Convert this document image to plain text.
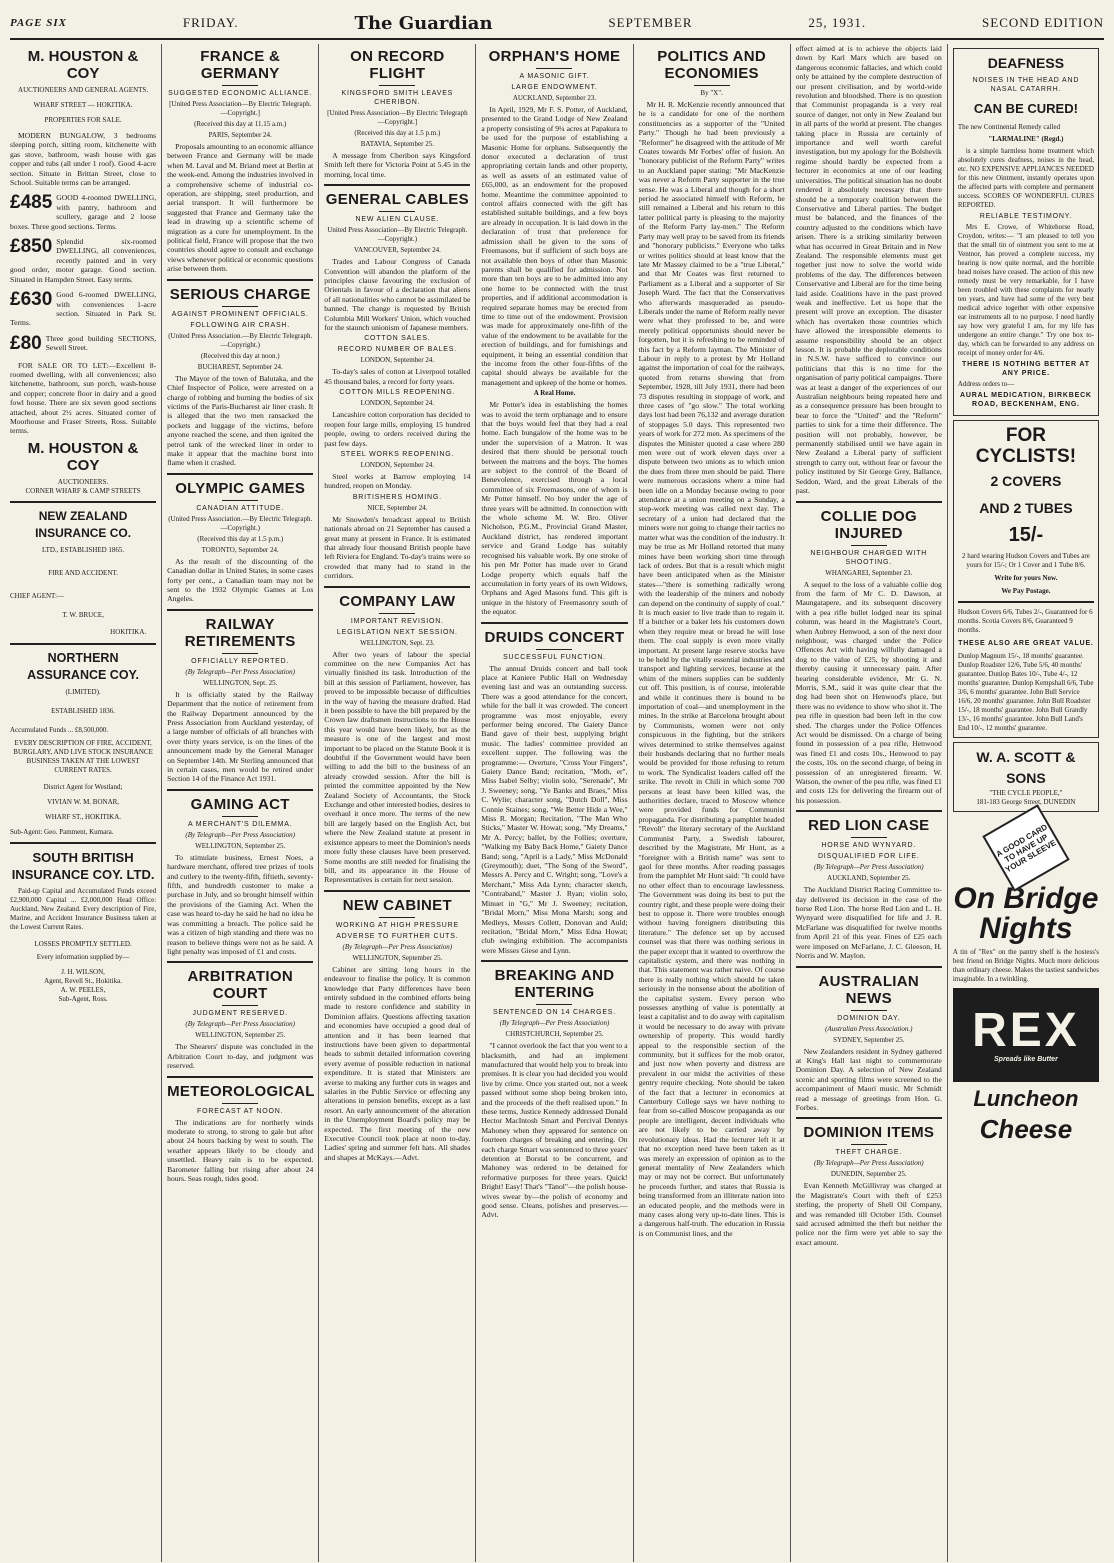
PAGE SIX	FRIDAY.	The Guardian	SEPTEMBER	25, 1931.	SECOND EDITION
M. HOUSTON & COY
AUCTIONEERS AND GENERAL AGENTS.
WHARF STREET — HOKITIKA.
PROPERTIES FOR SALE.

MODERN BUNGALOW, 3 bedrooms sleeping porch, sitting room, kitchenette with gas stove, bathroom, wash house with gas copper and tubs (all under 1 roof). Good 4-acre section. Situate in Brittan Street, close to School. Suitable terms can be arranged.

£485 GOOD 4-roomed DWELLING, with pantry, bathroom and scullery, garage and 2 loose boxes. Three good sections. Terms.
£850 Splendid six-roomed DWELLING, all conveniences, recently painted and in very good order, motor garage. Good section. Situated in Hampden Street. Easy terms.
£630 Good 6-roomed DWELLING, with conveniences 1-acre section. Situated in Park St. Terms.
£80 Three good building SECTIONS, Sewell Street.

FOR SALE OR TO LET:—Excellent 8-roomed dwelling, with all conveniences; also kitchenette, bathroom, sun porch, wash-house and copper; concrete floor in dairy and a good fowl house. There are six seven good sections attached, about 2½ acres. Situated corner of Moorhouse and Fraser Streets, Ross. Suitable terms.

M. HOUSTON & COY
AUCTIONEERS.
CORNER WHARF & CAMP STREETS
NEW ZEALAND INSURANCE CO.
LTD., ESTABLISHED 1865.
FIRE AND ACCIDENT.
CHIEF AGENT:—
T. W. BRUCE,
HOKITIKA.
NORTHERN ASSURANCE COY.
(LIMITED).
ESTABLISHED 1836.
Accumulated Funds ... £8,500,000.
EVERY DESCRIPTION OF FIRE, ACCIDENT, BURGLARY, AND LIVE STOCK INSURANCE BUSINESS TAKEN AT THE LOWEST CURRENT RATES.
District Agent for Westland;
VIVIAN W. M. BONAR,
WHARF ST., HOKITIKA.
Sub-Agent: Geo. Pamment, Kumara.
SOUTH BRITISH INSURANCE COY. LTD.

Paid-up Capital and Accumulated Funds exceed £2,900,000 Capital ... £2,000,000 Head Office: Auckland, New Zealand. Every description of Fire, Marine, and Accident Insurance Business taken at the Lowest Current Rates.

LOSSES PROMPTLY SETTLED.
Every information supplied by—
J. H. WILSON,
Agent, Revell St., Hokitika.
A. W. PEELES,
Sub-Agent, Ross.
FRANCE & GERMANY
SUGGESTED ECONOMIC ALLIANCE.
[United Press Association—By Electric Telegraph.—Copyright.]
(Received this day at 11.15 a.m.)
PARIS, September 24.

Proposals amounting to an economic alliance between France and Germany will be made when M. Laval and M. Briand meet at Berlin at the week-end. Among the industries involved in a comprehensive scheme of industrial co-operation, are shipping, steel production, and aerial transport. It will furthermore be suggested that France and Germany take the lead in drawing up a scientific scheme of migration as a cure for unemployment. In the political field, France will propose that the two countries should agree to consult and exchange views whenever political or economic questions arise between them.

SERIOUS CHARGE
AGAINST PROMINENT OFFICIALS.
FOLLOWING AIR CRASH.
(United Press Association.—By Electric Telegraph.—Copyright.)
(Received this day at noon.)
BUCHAREST, September 24.

The Mayor of the town of Balutaka, and the Chief Inspector of Police, were arrested on a charge of robbing and burning the bodies of six victims of the Paris-Bucharest air liner crash. It is alleged that the two men ransacked the pockets and luggage of the victims, before anyone reached the scene, and then ignited the petrol tank of the wrecked liner in order to make it appear that the machine burst into flame when it crashed.

OLYMPIC GAMES
CANADIAN ATTITUDE.
(United Press Association.—By Electric Telegraph.—Copyright.)
(Received this day at 1.5 p.m.)
TORONTO, September 24.

As the result of the discounting of the Canadian dollar in United States, in some cases forty per cent., a Canadian team may not be sent to the 1932 Olympic Games at Los Angeles.

RAILWAY RETIREMENTS
OFFICIALLY REPORTED.
(By Telegraph—Per Press Association)
WELLINGTON, Sept. 25.

It is officially stated by the Railway Department that the notice of retirement from the Railway Department announced by the Press Association from Auckland yesterday, of a large number of officials of all branches with over thirty years service, is on the lines of the announcement made by the General Manager on September 14th. Mr Sterling announced that in certain cases, men would be retired under Section 14 of the Finance Act 1931.

GAMING ACT
A MERCHANT'S DILEMMA.
(By Telegraph—Per Press Association)
WELLINGTON, September 25.

To stimulate business, Ernest Noes, a hardware merchant, offered tree prizes of tools and cutlery to the twenty-fifth, fiftieth, seventy-fifth, and hundredth customer to make a purchase in July, and so brought himself within the provisions of the Gaming Act. When the case was heard to-day he said he had no idea he was committing a breach. The police said he was a citizen of high standing and there was no reason to believe things were not as he said. A light penalty was imposed of £1 and costs.

ARBITRATION COURT
JUDGMENT RESERVED.
(By Telegraph—Per Press Association)
WELLINGTON, September 25.

The Shearers' dispute was concluded in the Arbitration Court to-day, and judgment was reserved.

METEOROLOGICAL
FORECAST AT NOON.

The indications are for northerly winds moderate to strong, to strong to gale but after about 24 hours backing by west to south. The weather appears likely to be cloudy and unsettled. Heavy rain is to be expected. Barometer falling but rising after about 24 hours. Seas rough, tides good.

ON RECORD FLIGHT
KINGSFORD SMITH LEAVES CHERIBON.
[United Press Association—By Electric Telegraph—Copyright.]
(Received this day at 1.5 p.m.)
BATAVIA, September 25.

A message from Cheribon says Kingsford Smith left there for Victoria Point at 5.45 in the morning, local time.

GENERAL CABLES
NEW ALIEN CLAUSE.
United Press Association—By Electric Telegraph.—Copyright.)
VANCOUVER, September 24.

Trades and Labour Congress of Canada Convention will abandon the platform of the principles clause favouring the exclusion of Orientals in favour of a declaration that aliens of all nationalities who cannot be assimilated be banned. The change is requested by British Columbia Mill Workers' Union, which vouched for the staunch unionism of Japanese members.

COTTON SALES.
RECORD NUMBER OF BALES.
LONDON, September 24.

To-day's sales of cotton at Liverpool totalled 45 thousand bales, a record for forty years.

COTTON MILLS REOPENING.
LONDON, September 24.

Lancashire cotton corporation has decided to reopen four large mills, employing 15 hundred people, owing to orders received during the past few days.

STEEL WORKS REOPENING.
LONDON, September 24.

Steel works at Barrow employing 14 hundred, reopen on Monday.

BRITISHERS HOMING.
NICE, September 24.

Mr Snowden's broadcast appeal to British nationals abroad on 21 September has caused a great many at present in France. It is estimated that already four thousand British people have left Riviera for England. To-day's trains were so crowded that many had to stand in the corridors.

COMPANY LAW
IMPORTANT REVISION.
LEGISLATION NEXT SESSION.
WELLINGTON, Sept. 23.

After two years of labour the special committee on the new Companies Act has virtually finished its task. Introduction of the bill at this session of Parliament, however, has proved to be impossible because of difficulties in the way of having the measure drafted. Had it been possible to have the bill prepared by the Crown law draftsmen instructions to the House this year would have been likely, but as the measure is one of the largest and most important to be placed on the Statute Book it is doubtful if the Government would have been willing to add the bill to the business of an already crowded session. After the bill is printed the committee appointed by the New Zealand Society of Accountants, the Stock Exchange and other interested bodies, desires to overhaul it once more. The terms of the new bill are largely based on the English Act, but where the New Zealand statute at present in existence appears to meet the Dominion's needs more fully these clauses have been preserved. Some months are still needed for finalising the bill, and its appearance in the House of Representatives is certain for next session.

NEW CABINET
WORKING AT HIGH PRESSURE
ADVERSE TO FURTHER CUTS.
(By Telegraph—Per Press Association)
WELLINGTON, September 25.

Cabinet are sitting long hours in the endeavour to finalise the policy. It is common knowledge that Party differences have been entirely subdued in the combined efforts being made to restore confidence and stability in Dominion affairs. Questions affecting taxation and economies have occupied a good deal of attention and it has been learned that instructions have been given to departmental heads to submit detailed information covering every avenue of possible reduction in national expenditure. It is stated that Ministers are averse to making any further cuts in wages and salaries in the Public Service or effecting any alterations in pension benefits, except as a last resort. An early announcement of the alteration in the Unemployment Board's policy may be expected. The first meeting of the new Executive Council took place at noon to-day. Ladies' spring and summer felt hats. All shades and shapes at McKays.—Advt.

ORPHAN'S HOME
A MASONIC GIFT.
LARGE ENDOWMENT.
AUCKLAND, September 23.

In April, 1929, Mr F. S. Potter, of Auckland, presented to the Grand Lodge of New Zealand a property consisting of 9¼ acres at Papakura to be used for the purpose of establishing a Masonic Home for orphans. Subsequently the donor executed a declaration of trust appropriating certain lands and other property, as well as assets of an estimated value of £65,000, as an endowment for the proposed home. Meantime the committee appointed to control affairs connected with the gift has established suitable buildings, and a few boys are already in occupation. It is laid down in the declaration of trust that preference for admission shall be given to the sons of Freemasons, but if sufficient of such boys are not available then boys of other than Masonic parents shall be qualified for admission. Not more than ten boys are to be admitted into any one home to be connected with the trust properties, and if additional accommodation is required separate homes may be erected from time to time out of the endowment. Provision was made for approximately one-fifth of the value of the endowment to be available for the erection of buildings, and for furnishings and equipment, it being an essential condition that the income from the other four-fifths of the capital should always be available for the management and upkeep of the home or homes.

A Real Home.

Mr Potter's idea in establishing the homes was to avoid the term orphanage and to ensure that the boys would feel that they had a real home. Each bungalow of the home was to be under the supervision of a Matron. It was desired that there should be personal touch between the matrons and the boys. The homes are subject to the control of the Board of Benevolence, exercised through a local committee of six Freemasons, one of whom is Mr Potter himself. No boy under the age of three years will be admitted. In connection with the whole scheme M. W. Bro. Oliver Nicholson, P.G.M., Provincial Grand Master, Auckland district, has rendered important service and Grand Lodge has suitably recognised his valuable work. By one stroke of his pen Mr Potter has made over to Grand Lodge property which equals half the accumulation in forty years of its own Widows, Orphans and Aged Masons fund. This gift is unique in the history of Freemasonry south of the equator.

DRUIDS CONCERT
SUCCESSFUL FUNCTION.

The annual Druids concert and ball took place at Kaniere Public Hall on Wednesday evening last and was an outstanding success. There was a good attendance for the concert, while for the ball it was crowded. The concert programme was most enjoyable, every performer being encored. The Gaiety Dance Band gave of their best, supplying bright music. The ladies' committee provided an excellent supper. The following was the programme:— Overture, "Cross Your Fingers", Gaiety Dance Band; recitation, "Moth, er", Miss Isabel Selby; violin solo, "Serenade", Mr J. Sweeney; song, "Ye Banks and Braes," Miss C. Wylie; character song, "Dutch Doll", Miss Connie Staines; song, "We Better Hide a Wee," Miss R. Morgan; Recitation, "The Man Who Sticks," Master W. Howat; song, "My Dreams," Mr A. Percy; ballet, by the Follies; overture, "Walking my Baby Back Home," Gaiety Dance Band; song, "April is a Lady," Miss McDonald (Greymouth); duet, "The Song of the Sword", Messrs A. Percy and C. Wright; song, "Love's a Merchant," Miss Ada Lynn; character sketch, "Contraband," Master J. Ryan; violin solo, Minuet in "G," Mr J. Sweeney; recitation, "Bridal Morn," Miss Mona Marsh; song and Medleys, Messrs Collett, Donovan and Auld; recitation, "Bridal Morn," Miss Edna Howat; club swinging exhibition. The accompanists were Misses Giese and Lynn.

BREAKING AND ENTERING
SENTENCED ON 14 CHARGES.
(By Telegraph—Per Press Association)
CHRISTCHURCH, September 25.

"I cannot overlook the fact that you went to a blacksmith, and had an implement manufactured that would help you to break into premises. It is clear you had decided you would live by crime. Once you started out, not a week passed without some shop being broken into, and the proceeds of the theft realised upon." In these terms, Justice Kennedy addressed Donald Hector MacIntosh Smart and Percival Dennys Mahoney when they appeared for sentence on fourteen charges of breaking and entering. On each charge Smart was sentenced to three years' detention at Borstal to be concurrent, and Mahoney was ordered to be detained for reformative purposes for three years. Quick! Bright! Easy! That's "Tanol"—the polish house-wives swear by—the polish of economy and good sense. Cleans, polishes and preserves.—Advt.

POLITICS AND ECONOMIES
By "X".

Mr H. R. McKenzie recently announced that he is a candidate for one of the northern constituencies as a supporter of the "United Party." Though he had been previously a "Reformer" he disagreed with the attitude of Mr Coates towards Mr Forbes' offer of fusion. An "honorary publicist of the Reform Party" writes to an Auckland paper stating: "Mr MacKenzie was never a Reform Party supporter in the true sense. He was a Liberal and though for a short period he associated himself with Reform, he still remained a Liberal and his return to this latter political party is pleasing to the majority of the Reform Party lay-men." The Reform Party may well pray to be saved from its friends and "honorary publicists." Everyone who talks or writes politics should at least know that the late Mr Massey claimed to be a "true Liberal," and that Mr Coates was first returned to Parliament as a Liberal and a supporter of Sir Joseph Ward. The fact that the Conservatives who afterwards masqueraded as pseudo-Liberals under the name of Reform really never were what they professed to be, and were merely political opportunists should never be forgotten, but it is refreshing to be reminded of this fact by a Reform layman. The Minister of Labour in reply to a protest by Mr Holland against the importation of coal for the railways, quoted from returns showing that from September, 1928, till July 1931, there had been 73 disputes resulting in stoppage of work, and three cases of "go slow." The total working days lost had been 76,132 and average duration of stoppages 5.0 days. This represented two years of work for 272 men. As specimens of the disputes the Minister quoted a case where 280 men were out of work eleven days over a dispute between two unions as to which union the dues from three men should be paid. There were numerous occasions where a mine had been idle on a Monday because owing to poor attendance at a union meeting on a Sunday, a stop-work meeting was called next day. The secretary of a union had declared that the miners were not going to change their tactics no matter what was the condition of the industry. It may be true as Mr Holland retorted that many mines have been working short time through lack of orders. But that is a result which might have been anticipated when as the Minister states—"there is something radically wrong with the leadership of the miners and nobody can depend on the continuity of supply of coal." It is much easier to live trade than to regain it. If a butcher or a baker lets his customers down when they require meat or bread he will lose them. The coal supply is even more vitally important. At present large reserve stocks have to be held by the vitally essential industries and transport and lighting services, because at the whim of the miners supplies can be suddenly cut off. This position, is of course, intolerable and while it continues there is bound to be importation of coal—and unemployment in the mines. In the strike at Barcelona brought about by Communists, women were not only conspicuous in the fighting, but the strikers wives determined to strike themselves against their husbands declaring that no further meals would be provided for those refusing to return to work. The Syndicalist leaders called off the strike. The revolt in Chili in which some 700 persons at least have been killed was, the authorities declare, traced to Moscow whence were provided funds for Communist propaganda. For distributing a pamphlet headed "Revolt" the literary secretary of the Auckland Communist Party, a Swedish labourer, described by the Magistrate, Mr Hunt, as a "foreigner with a British name" was sent to gaol for three months. After reading passages from the pamphlet Mr Hunt said: "It could have no other effect than to encourage lawlessness. The Government was doing its best to put the country right, and these people were doing their best to oppose it. There were troubles enough without having foreigners distributing this literature." The defence set up by accused counsel was that there was nothing serious in the paper except that it wanted to overthrow the capitalistic system, and there was nothing in that. This statement was rather naive. Of course there is really nothing which should be taken seriously in the nonsense about the abolition of the capitalist system. Every person who possesses anything of value is potentially at least a capitalist and to do away with capitalism it would be necessary to do away with private ownership of property. This would hardly appeal to the responsible section of the community, but it suffices for the mob orator, and just now when poverty and distress are prevalent in our midst the activities of these gentry require checking. Note should be taken of the fact that a lecturer in economics at Canterbury College says we have nothing to fear from so-called Moscow propaganda as our people are intelligent, decent individuals who are not likely to be carried away by revolutionary ideas. Had the lecturer left it at that no exception need have been taken as it was merely an expression of opinion as to the general mentality of New Zealanders which may or may not be correct. But unfortunately he proceeds further, and states that Russia is being transformed from an illiterate nation into an educated people, and the methods were in many cases along very up-to-date lines. This is a dangerous half-truth. The education in Russia is on Communist lines, and the

effect aimed at is to achieve the objects laid down by Karl Marx which are based on dangerous economic fallacies, and which could only be attained by the complete destruction of our present civilisation, and by world-wide revolution and bloodshed. There is no question that Communist propaganda is a very real source of danger, not only in New Zealand but in all parts of the world at present. The changes taking place in Russia are certainly of importance and well worth careful investigation, but my apology for the Bolshevik regime should hardly be expected from a lecturer in economics at one of our leading universities. The political situation has no doubt rendered it absolutely necessary that there should be a temporary coalition between the Conservative and Liberal parties. The budget must be balanced, and the finances of the country adjusted to the conditions which have arisen. There is a striking similarity between what has occurred in Great Britain and in New Zealand. The responsible elements must get together just now to solve the world wide problems of the day. The differences between Conservative and Liberal are for the time being laid aside. Coalitions have in the past proved weak and ineffective. Let us hope that the present will prove an exception. The disaster which has overtaken those countries which have allowed the irresponsible elements to assume responsibility should be an object lesson. It is probable the deplorable conditions in N.S.W. have sufficed to convince our politicians that this is no time for the organisation of party political campaigns. There was at least a danger of the experiences of our Australian neighbours being repeated here and as a consequence pressure has been brought to bear to force the "United" and the "Reform" parties to sink for a time their difference. The position will not probably, however, be permanently stabilised until we have again in New Zealand a Liberal party of sufficient strength to carry out, without fear or favour the policy instituted by Sir George Grey, Ballance, Seddon, Ward, and the great Liberals of the past.

COLLIE DOG INJURED
NEIGHBOUR CHARGED WITH SHOOTING.
WHANGAREI, September 23.

A sequel to the loss of a valuable collie dog from the farm of Mr C. D. Dawson, at Maungatapere, and its subsequent discovery with a pea rifle bullet lodged near its spinal column, was heard in the Magistrate's Court, when Aubrey Henwood, a son of the next door neighbour, was charged under the Police Offences Act with having wilfully damaged a dog to the value of £25, by shooting it and thereby causing it unnecessary pain. After hearing considerable evidence, Mr G. N. Morris, S.M., said it was quite clear that the dog had been shot on Henwood's place, but there was no evidence to show who shot it. The pea rifle in question had been left in the cow shed. The charges under the Police Offences Act would be dismissed. On a charge of being found in possession of a pea rifle, Henwood was fined £1 and costs 10s., Henwood to pay the costs, 10s. on the second charge, of being in possession of an unregistered firearm. W. Watson, the owner of the pea rifle, was fined £1 and costs 12s for delivering the firearm out of his possession.

RED LION CASE
HORSE AND WYNYARD.
DISQUALIFIED FOR LIFE.
(By Telegraph—Per Press Association)
AUCKLAND, September 25.

The Auckland District Racing Committee to-day delivered its decision in the case of the horse Red Lion. The horse Red Lion and L. H. Wynyard were disqualified for life and J. R. McFarlane was disqualified for twelve months from April 21 of this year. Fines of £25 each were imposed on McFarlane, J. C. Gleeson, H. Norris and W. Maylon.

AUSTRALIAN NEWS
DOMINION DAY.
(Australian Press Association.)
SYDNEY, September 25.

New Zealanders resident in Sydney gathered at King's Hall last night to commemorate Dominion Day. A selection of New Zealand scenic and sporting films were screened to the accompaniment of Maori music. Mr Schmidt read a message of greetings from Hon. G. Forbes.

DOMINION ITEMS
THEFT CHARGE.
(By Telegraph—Per Press Association)
DUNEDIN, September 25.

Evan Kenneth McGillivray was charged at the Magistrate's Court with theft of £253 sterling, the property of Shell Oil Company, and was remanded till October 15th. Counsel said accused admitted the theft but neither the police nor the firm were yet able to say the exact amount.

DEAFNESS
NOISES IN THE HEAD AND NASAL CATARRH.
CAN BE CURED!
The new Continental Remedy called
"LARMALINE" (Regd.)

is a simple harmless home treatment which absolutely cures deafness, noises in the head, etc. NO EXPENSIVE APPLIANCES NEEDED for this new Ointment, instantly operates upon the affected parts with complete and permanent success. SCORES OF WONDERFUL CURES REPORTED.

RELIABLE TESTIMONY.

Mrs E. Crowe, of Whitehorse Road, Croydon, writes:— "I am pleased to tell you that the small tin of ointment you sent to me at Ventnor, has proved a complete success, my hearing is now quite normal, and the horrible head noises have ceased. The action of this new remedy must be very remarkable, for I have been troubled with these complaints for nearly ten years, and have had some of the very best medical advice together with other expensive ear instruments all to no purpose. I need hardly say how very grateful I am, for my life has undergone an entire change." Try one box to-day, which can be forwarded to any address on receipt of money order for 4/6.

THERE IS NOTHING BETTER AT ANY PRICE.
Address orders to—
AURAL MEDICATION, BIRKBECK ROAD, BECKENHAM, ENG.
FOR CYCLISTS!
2 COVERS
AND 2 TUBES
15/-
2 hard wearing Hudson Covers and Tubes are yours for 15/-; Or 1 Cover and 1 Tube 8/6.
Write for yours Now.
We Pay Postage.
Hudson Covers 6/6, Tubes 2/-, Guaranteed for 6 months. Scotia Covers 8/6, Guaranteed 9 months.
THESE ALSO ARE GREAT VALUE.
Dunlop Magnum 15/-, 18 months' guarantee. Dunlop Roadster 12/6, Tube 5/6, 40 months' guarantee. Dunlop Bates 10/-, Tube 4/-, 12 months' guarantee. Dunlop Kempshall 6/6, Tube 3/6, 6 months' guarantee. John Bull Service 16/6, 20 months' guarantee. John Bull Roadster 15/-, 18 months' guarantee. John Bull Grandly 13/-, 16 months' guarantee. John Bull Land's End 10/-, 12 months' guarantee.
W. A. SCOTT & SONS
"THE CYCLE PEOPLE,"
181-183 George Street, DUNEDIN
A GOOD CARD TO HAVE UP YOUR SLEEVE
On Bridge
Nights

A tin of "Rex" on the pantry shelf is the hostess's best friend on Bridge Nights. Much more delicious than ordinary cheese. Makes the tastiest sandwiches imaginable. In a twinkling.

REX
Spreads like Butter
Luncheon
Cheese
